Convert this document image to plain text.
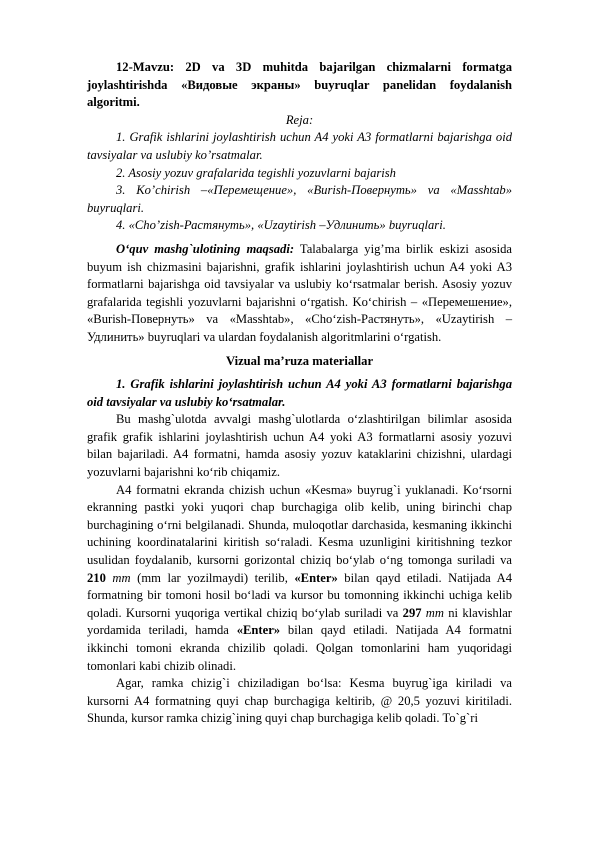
12-Mavzu: 2D va 3D muhitda bajarilgan chizmalarni formatga joylashtirishda «Видовые экраны» buyruqlar panelidan foydalanish algoritmi.

Reja:

1. Grafik ishlarini joylashtirish uchun A4 yoki A3 formatlarni bajarishga oid tavsiyalar va uslubiy ko’rsatmalar.

2. Asosiy yozuv grafalarida tegishli yozuvlarni bajarish

3. Ko’chirish –«Перемещение», «Burish-Повернуть» va «Masshtab» buyruqlari.

4. «Cho’zish-Растянуть», «Uzaytirish –Удлинить» buyruqlari.

O‘quv mashg`ulotining maqsadi: Talabalarga yig’ma birlik eskizi asosida buyum ish chizmasini bajarishni, grafik ishlarini joylashtirish uchun A4 yoki A3 formatlarni bajarishga oid tavsiyalar va uslubiy ko‘rsatmalar berish. Asosiy yozuv grafalarida tegishli yozuvlarni bajarishni o‘rgatish. Ko‘chirish – «Перемешение», «Burish-Повернуть» va «Masshtab», «Cho‘zish-Растянуть», «Uzaytirish – Удлинить» buyruqlari va ulardan foydalanish algoritmlarini o‘rgatish.

Vizual ma’ruza materiallar

1. Grafik ishlarini joylashtirish uchun A4 yoki A3 formatlarni bajarishga oid tavsiyalar va uslubiy ko‘rsatmalar.

Bu mashg`ulotda avvalgi mashg`ulotlarda o‘zlashtirilgan bilimlar asosida grafik grafik ishlarini joylashtirish uchun A4 yoki A3 formatlarni asosiy yozuvi bilan bajariladi. A4 formatni, hamda asosiy yozuv kataklarini chizishni, ulardagi yozuvlarni bajarishni ko‘rib chiqamiz.

A4 formatni ekranda chizish uchun «Kesma» buyrug`i yuklanadi. Ko‘rsorni ekranning pastki yoki yuqori chap burchagiga olib kelib, uning birinchi chap burchagining o‘rni belgilanadi. Shunda, muloqotlar darchasida, kesmaning ikkinchi uchining koordinatalarini kiritish so‘raladi. Kesma uzunligini kiritishning tezkor usulidan foydalanib, kursorni gorizontal chiziq bo‘ylab o‘ng tomonga suriladi va 210 mm (mm lar yozilmaydi) terilib, «Enter» bilan qayd etiladi. Natijada A4 formatning bir tomoni hosil bo‘ladi va kursor bu tomonning ikkinchi uchiga kelib qoladi. Kursorni yuqoriga vertikal chiziq bo‘ylab suriladi va 297 mm ni klavishlar yordamida teriladi, hamda «Enter» bilan qayd etiladi. Natijada A4 formatni ikkinchi tomoni ekranda chizilib qoladi. Qolgan tomonlarini ham yuqoridagi tomonlari kabi chizib olinadi.

Agar, ramka chizig`i chiziladigan bo‘lsa: Kesma buyrug`iga kiriladi va kursorni A4 formatning quyi chap burchagiga keltirib, @ 20,5 yozuvi kiritiladi. Shunda, kursor ramka chizig`ining quyi chap burchagiga kelib qoladi. To`g`ri
